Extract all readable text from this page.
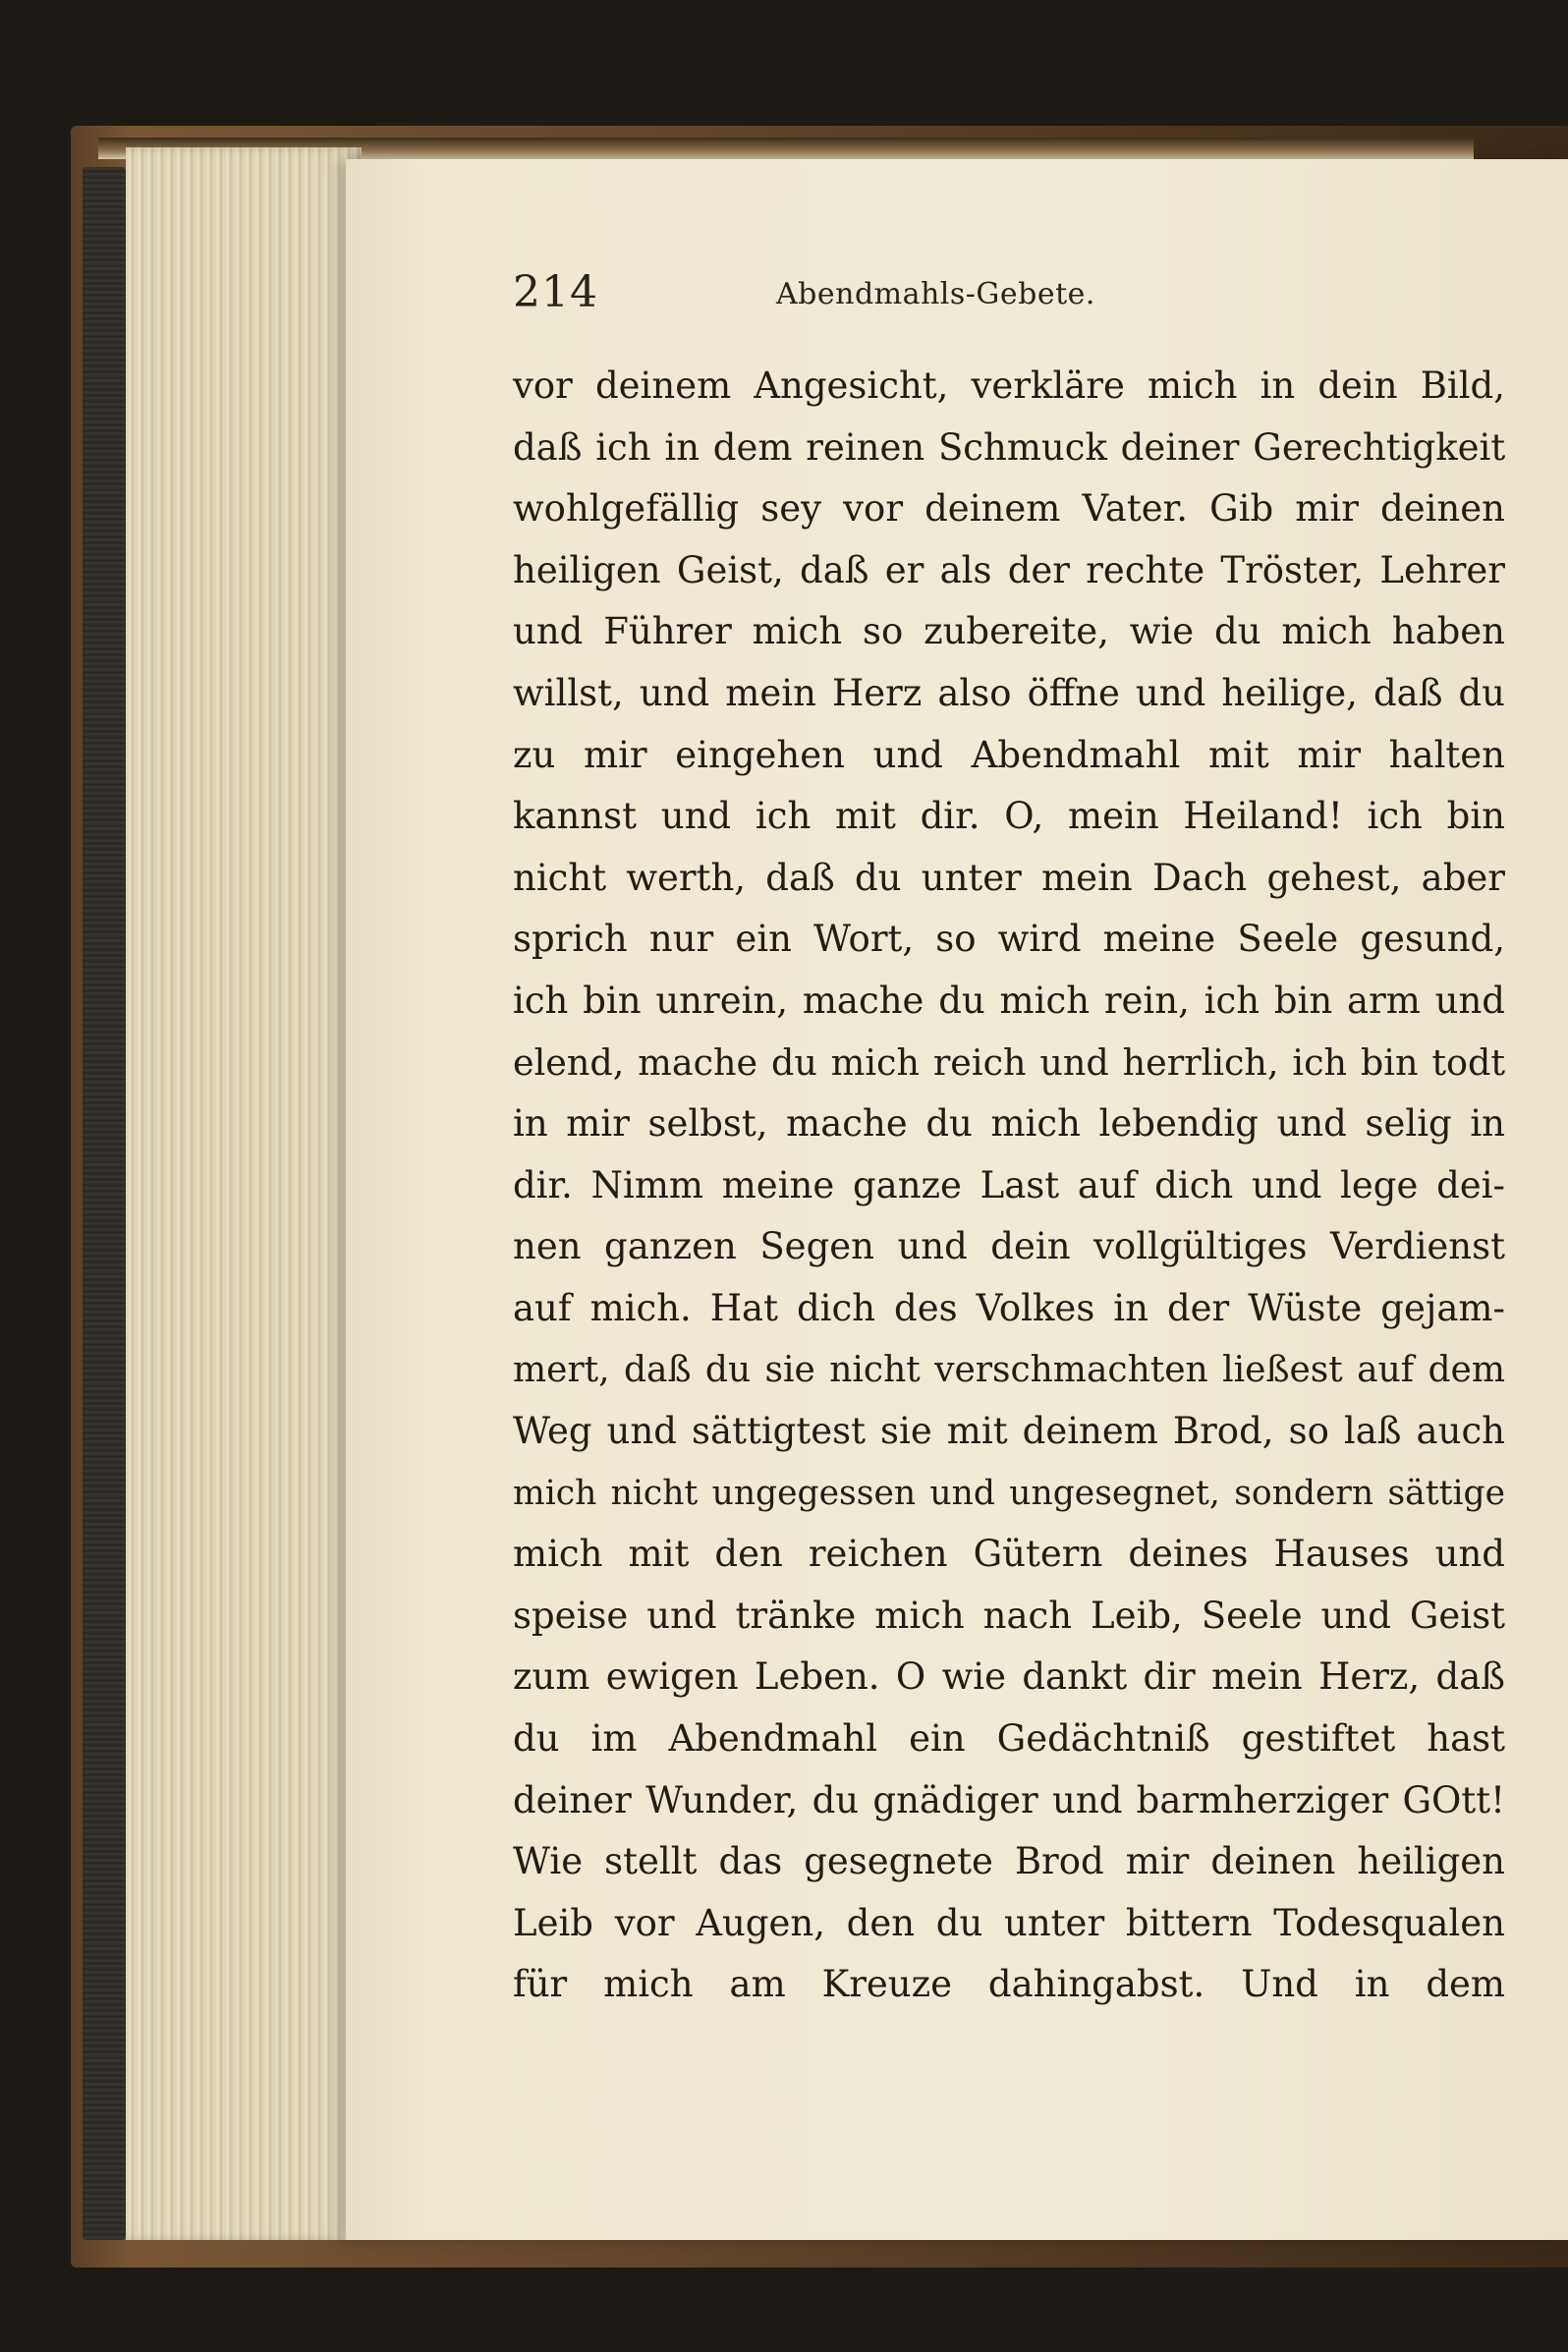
214	Abendmahls-Gebete.
vor deinem Angesicht, verkläre mich in dein Bild,
daß ich in dem reinen Schmuck deiner Gerechtigkeit
wohlgefällig sey vor deinem Vater. Gib mir deinen
heiligen Geist, daß er als der rechte Tröster, Lehrer
und Führer mich so zubereite, wie du mich haben
willst, und mein Herz also öffne und heilige, daß du
zu mir eingehen und Abendmahl mit mir halten
kannst und ich mit dir. O, mein Heiland! ich bin
nicht werth, daß du unter mein Dach gehest, aber
sprich nur ein Wort, so wird meine Seele gesund,
ich bin unrein, mache du mich rein, ich bin arm und
elend, mache du mich reich und herrlich, ich bin todt
in mir selbst, mache du mich lebendig und selig in
dir. Nimm meine ganze Last auf dich und lege dei-
nen ganzen Segen und dein vollgültiges Verdienst
auf mich. Hat dich des Volkes in der Wüste gejam-
mert, daß du sie nicht verschmachten ließest auf dem
Weg und sättigtest sie mit deinem Brod, so laß auch
mich nicht ungegessen und ungesegnet, sondern sättige
mich mit den reichen Gütern deines Hauses und
speise und tränke mich nach Leib, Seele und Geist
zum ewigen Leben. O wie dankt dir mein Herz, daß
du im Abendmahl ein Gedächtniß gestiftet hast
deiner Wunder, du gnädiger und barmherziger GOtt!
Wie stellt das gesegnete Brod mir deinen heiligen
Leib vor Augen, den du unter bittern Todesqualen
für mich am Kreuze dahingabst. Und in dem
